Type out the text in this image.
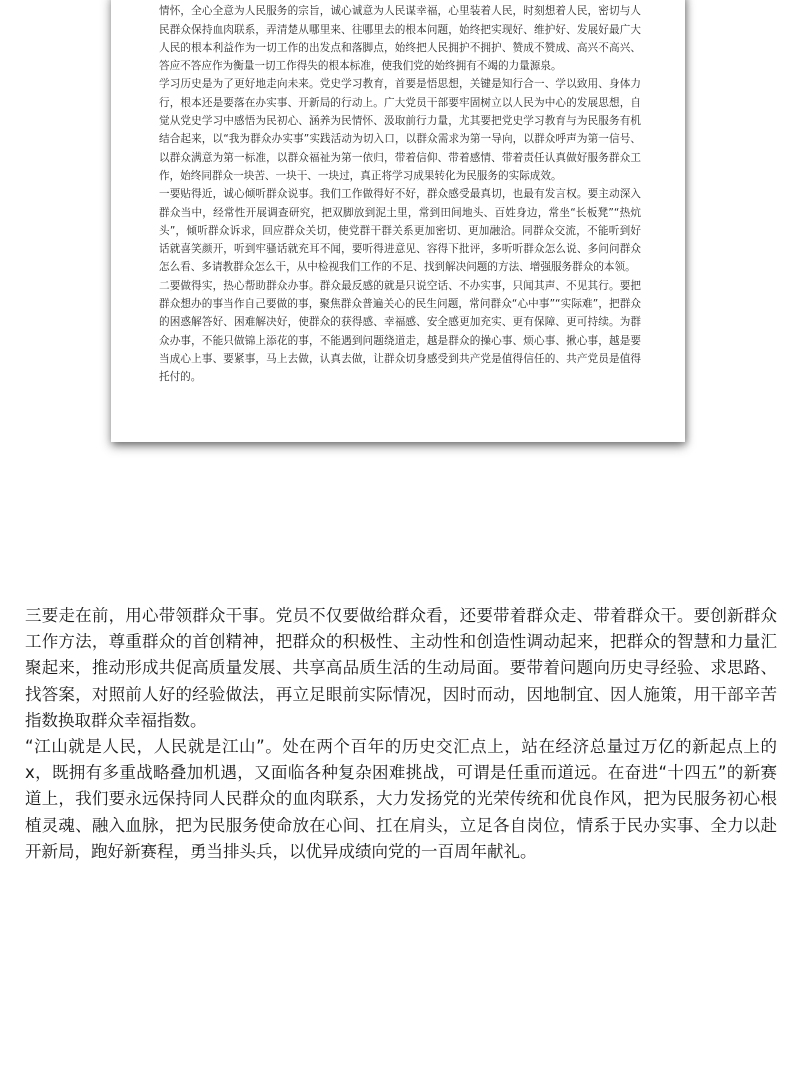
情怀，全心全意为人民服务的宗旨，诚心诚意为人民谋幸福，心里装着人民，时刻想着人民，密切与人民群众保持血肉联系，弄清楚从哪里来、往哪里去的根本问题，始终把实现好、维护好、发展好最广大人民的根本利益作为一切工作的出发点和落脚点，始终把人民拥护不拥护、赞成不赞成、高兴不高兴、答应不答应作为衡量一切工作得失的根本标准，使我们党的始终拥有不竭的力量源泉。

学习历史是为了更好地走向未来。党史学习教育，首要是悟思想，关键是知行合一、学以致用、身体力行，根本还是要落在办实事、开新局的行动上。广大党员干部要牢固树立以人民为中心的发展思想，自觉从党史学习中感悟为民初心、涵养为民情怀、汲取前行力量，尤其要把党史学习教育与为民服务有机结合起来，以“我为群众办实事”实践活动为切入口，以群众需求为第一导向，以群众呼声为第一信号、以群众满意为第一标准，以群众福祉为第一依归，带着信仰、带着感情、带着责任认真做好服务群众工作，始终同群众一块苦、一块干、一块过，真正将学习成果转化为民服务的实际成效。

一要贴得近，诚心倾听群众说事。我们工作做得好不好，群众感受最真切，也最有发言权。要主动深入群众当中，经常性开展调查研究，把双脚放到泥土里，常到田间地头、百姓身边，常坐“长板凳”“热炕头”，倾听群众诉求，回应群众关切，使党群干群关系更加密切、更加融洽。同群众交流，不能听到好话就喜笑颜开，听到牢骚话就充耳不闻，要听得进意见、容得下批评，多听听群众怎么说、多问问群众怎么看、多请教群众怎么干，从中检视我们工作的不足、找到解决问题的方法、增强服务群众的本领。

二要做得实，热心帮助群众办事。群众最反感的就是只说空话、不办实事，只闻其声、不见其行。要把群众想办的事当作自己要做的事，聚焦群众普遍关心的民生问题，常问群众“心中事”“实际难”，把群众的困惑解答好、困难解决好，使群众的获得感、幸福感、安全感更加充实、更有保障、更可持续。为群众办事，不能只做锦上添花的事，不能遇到问题绕道走，越是群众的操心事、烦心事、揪心事，越是要当成心上事、要紧事，马上去做，认真去做，让群众切身感受到共产党是值得信任的、共产党员是值得托付的。

三要走在前，用心带领群众干事。党员不仅要做给群众看，还要带着群众走、带着群众干。要创新群众工作方法，尊重群众的首创精神，把群众的积极性、主动性和创造性调动起来，把群众的智慧和力量汇聚起来，推动形成共促高质量发展、共享高品质生活的生动局面。要带着问题向历史寻经验、求思路、找答案，对照前人好的经验做法，再立足眼前实际情况，因时而动，因地制宜、因人施策，用干部辛苦指数换取群众幸福指数。

“江山就是人民，人民就是江山”。处在两个百年的历史交汇点上，站在经济总量过万亿的新起点上的 x，既拥有多重战略叠加机遇，又面临各种复杂困难挑战，可谓是任重而道远。在奋进“十四五”的新赛道上，我们要永远保持同人民群众的血肉联系，大力发扬党的光荣传统和优良作风，把为民服务初心根植灵魂、融入血脉，把为民服务使命放在心间、扛在肩头，立足各自岗位，情系于民办实事、全力以赴开新局，跑好新赛程，勇当排头兵，以优异成绩向党的一百周年献礼。
